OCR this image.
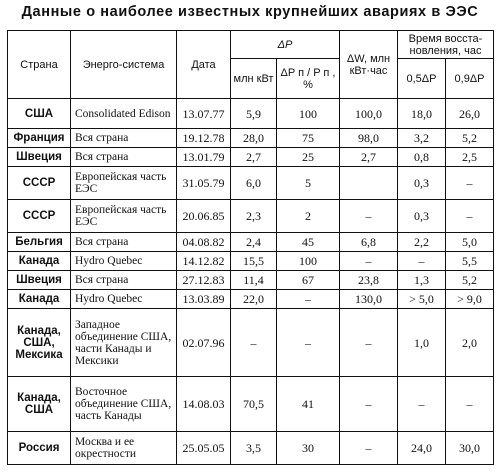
Данные о наиболее известных крупнейших авариях в ЭЭС
Страна	Энерго-система	Дата	ΔP		ΔW, млн кВт·час	Время восста-новления, час	
			млн кВт	ΔP п / P п , %		0,5ΔP	0,9ΔP
США	Consolidated Edison	13.07.77	5,9	100	100,0	18,0	26,0
Франция	Вся страна	19.12.78	28,0	75	98,0	3,2	5,2
Швеция	Вся страна	13.01.79	2,7	25	2,7	0,8	2,5
СССР	Европейская часть ЕЭС	31.05.79	6,0	5		0,3	–
СССР	Европейская часть ЕЭС	20.06.85	2,3	2	–	0,3	–
Бельгия	Вся страна	04.08.82	2,4	45	6,8	2,2	5,0
Канада	Hydro Quebec	14.12.82	15,5	100	–	–	5,5
Швеция	Вся страна	27.12.83	11,4	67	23,8	1,3	5,2
Канада	Hydro Quebec	13.03.89	22,0	–	130,0	> 5,0	> 9,0
Канада, США, Мексика	Западное объединение США, части Канады и Мексики	02.07.96	–	–	–	1,0	2,0
Канада, США	Восточное объединение США, часть Канады	14.08.03	70,5	41	–	–	–
Россия	Москва и ее окрестности	25.05.05	3,5	30	–	24,0	30,0
